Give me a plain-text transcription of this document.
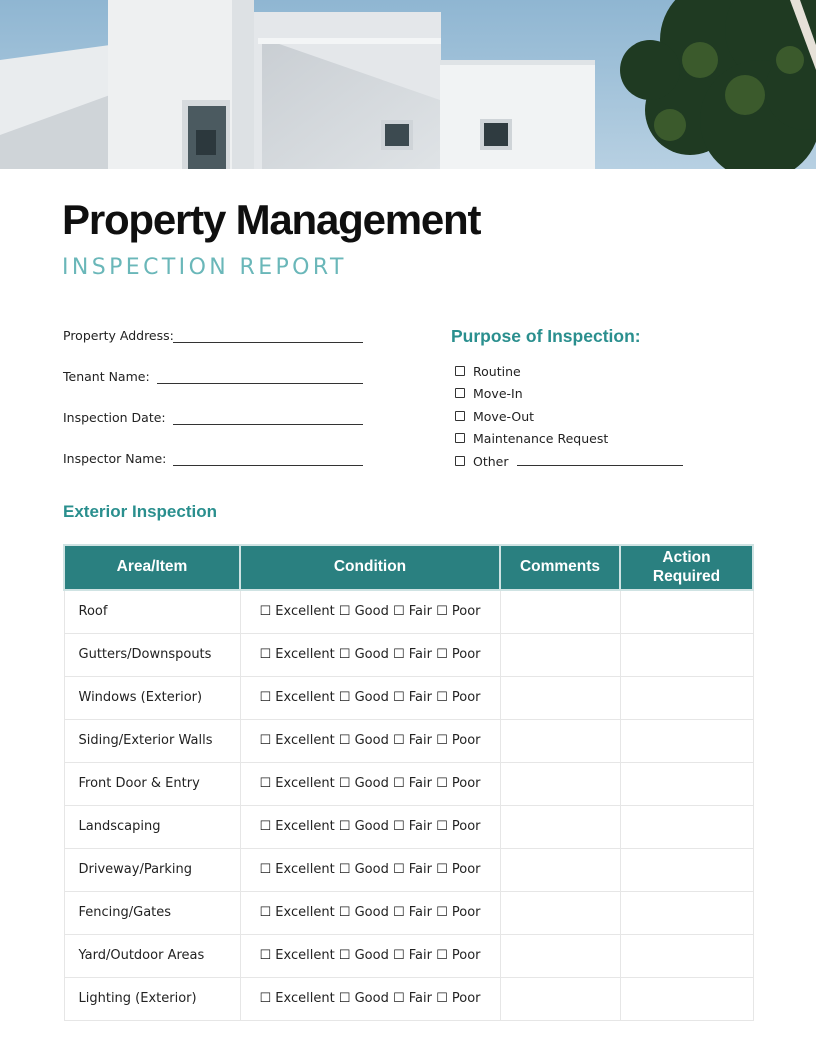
Property Management
INSPECTION REPORT
Property Address:
Tenant Name:
Inspection Date:
Inspector Name:
Purpose of Inspection:
Routine
Move-In
Move-Out
Maintenance Request
Other
Exterior Inspection
Area/Item	Condition	Comments	Action
Required
Roof	☐ Excellent ☐ Good ☐ Fair ☐ Poor		
Gutters/Downspouts	☐ Excellent ☐ Good ☐ Fair ☐ Poor		
Windows (Exterior)	☐ Excellent ☐ Good ☐ Fair ☐ Poor		
Siding/Exterior Walls	☐ Excellent ☐ Good ☐ Fair ☐ Poor		
Front Door & Entry	☐ Excellent ☐ Good ☐ Fair ☐ Poor		
Landscaping	☐ Excellent ☐ Good ☐ Fair ☐ Poor		
Driveway/Parking	☐ Excellent ☐ Good ☐ Fair ☐ Poor		
Fencing/Gates	☐ Excellent ☐ Good ☐ Fair ☐ Poor		
Yard/Outdoor Areas	☐ Excellent ☐ Good ☐ Fair ☐ Poor		
Lighting (Exterior)	☐ Excellent ☐ Good ☐ Fair ☐ Poor		
